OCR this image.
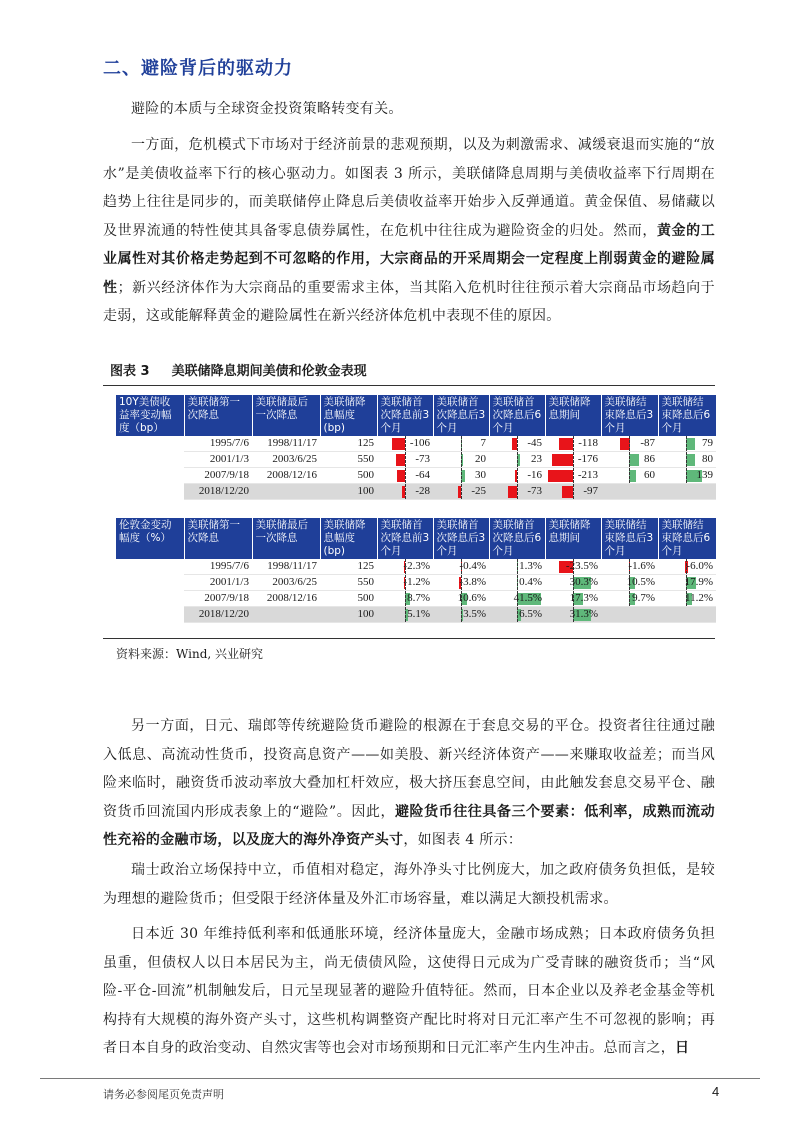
二、避险背后的驱动力
避险的本质与全球资金投资策略转变有关。
一方面，危机模式下市场对于经济前景的悲观预期，以及为刺激需求、减缓衰退而实施的“放水”是美债收益率下行的核心驱动力。如图表 3 所示，美联储降息周期与美债收益率下行周期在趋势上往往是同步的，而美联储停止降息后美债收益率开始步入反弹通道。黄金保值、易储藏以及世界流通的特性使其具备零息债券属性，在危机中往往成为避险资金的归处。然而，黄金的工业属性对其价格走势起到不可忽略的作用，大宗商品的开采周期会一定程度上削弱黄金的避险属性；新兴经济体作为大宗商品的重要需求主体，当其陷入危机时往往预示着大宗商品市场趋向于走弱，这或能解释黄金的避险属性在新兴经济体危机中表现不佳的原因。
图表 3 美联储降息期间美债和伦敦金表现
10Y美债收益率变动幅度（bp）	美联储第一次降息	美联储最后一次降息	美联储降息幅度 (bp)	美联储首次降息前3个月	美联储首次降息后3个月	美联储首次降息后6个月	美联储降息期间	美联储结束降息后3个月	美联储结束降息后6个月
	1995/7/6	1998/11/17	125	-106	7	-45	-118	-87	79
	2001/1/3	2003/6/25	550	-73	20	23	-176	86	80
	2007/9/18	2008/12/16	500	-64	30	-16	-213	60	139
	2018/12/20		100	-28	-25	-73	-97		
伦敦金变动幅度（%）	美联储第一次降息	美联储最后一次降息	美联储降息幅度 (bp)	美联储首次降息前3个月	美联储首次降息后3个月	美联储首次降息后6个月	美联储降息期间	美联储结束降息后3个月	美联储结束降息后6个月
	1995/7/6	1998/11/17	125	-2.3%	-0.4%	1.3%	-23.5%	-1.6%	-6.0%
	2001/1/3	2003/6/25	550	-1.2%	-3.8%	0.4%	30.3%	10.5%	17.9%
	2007/9/18	2008/12/16	500	8.7%	10.6%	41.5%	17.3%	9.7%	11.2%
	2018/12/20		100	5.1%	3.5%	6.5%	31.3%		
资料来源：Wind, 兴业研究
另一方面，日元、瑞郎等传统避险货币避险的根源在于套息交易的平仓。投资者往往通过融入低息、高流动性货币，投资高息资产——如美股、新兴经济体资产——来赚取收益差；而当风险来临时，融资货币波动率放大叠加杠杆效应，极大挤压套息空间，由此触发套息交易平仓、融资货币回流国内形成表象上的“避险”。因此，避险货币往往具备三个要素：低利率，成熟而流动性充裕的金融市场，以及庞大的海外净资产头寸，如图表 4 所示：
瑞士政治立场保持中立，币值相对稳定，海外净头寸比例庞大，加之政府债务负担低，是较为理想的避险货币；但受限于经济体量及外汇市场容量，难以满足大额投机需求。
日本近 30 年维持低利率和低通胀环境，经济体量庞大，金融市场成熟；日本政府债务负担虽重，但债权人以日本居民为主，尚无债债风险，这使得日元成为广受青睐的融资货币；当“风险-平仓-回流”机制触发后，日元呈现显著的避险升值特征。然而，日本企业以及养老金基金等机构持有大规模的海外资产头寸，这些机构调整资产配比时将对日元汇率产生不可忽视的影响；再者日本自身的政治变动、自然灾害等也会对市场预期和日元汇率产生内生冲击。总而言之，日
请务必参阅尾页免责声明	4
